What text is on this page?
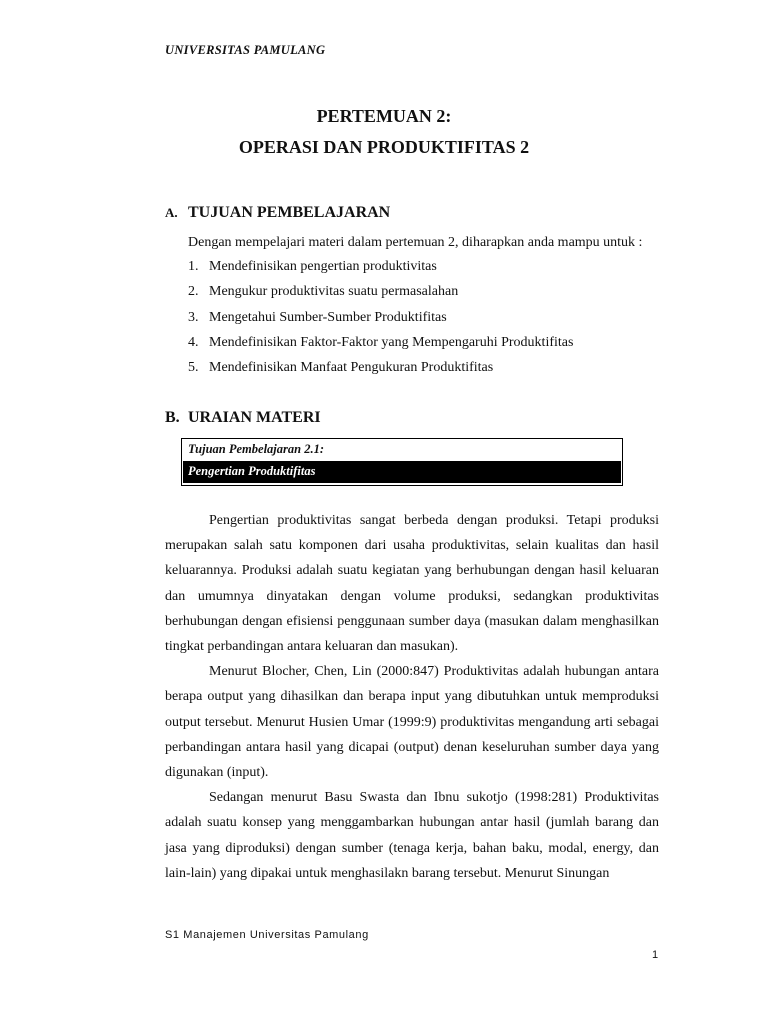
UNIVERSITAS PAMULANG
PERTEMUAN 2:
OPERASI DAN PRODUKTIFITAS 2
A. TUJUAN PEMBELAJARAN
Dengan mempelajari materi dalam pertemuan 2, diharapkan anda mampu untuk :
1. Mendefinisikan pengertian produktivitas
2. Mengukur produktivitas suatu permasalahan
3. Mengetahui Sumber-Sumber Produktifitas
4. Mendefinisikan Faktor-Faktor yang Mempengaruhi Produktifitas
5. Mendefinisikan Manfaat Pengukuran Produktifitas
B. URAIAN MATERI
Tujuan Pembelajaran 2.1:
Pengertian Produktifitas

Pengertian produktivitas sangat berbeda dengan produksi. Tetapi produksi merupakan salah satu komponen dari usaha produktivitas, selain kualitas dan hasil keluarannya. Produksi adalah suatu kegiatan yang berhubungan dengan hasil keluaran dan umumnya dinyatakan dengan volume produksi, sedangkan produktivitas berhubungan dengan efisiensi penggunaan sumber daya (masukan dalam menghasilkan tingkat perbandingan antara keluaran dan masukan).

Menurut Blocher, Chen, Lin (2000:847) Produktivitas adalah hubungan antara berapa output yang dihasilkan dan berapa input yang dibutuhkan untuk memproduksi output tersebut. Menurut Husien Umar (1999:9) produktivitas mengandung arti sebagai perbandingan antara hasil yang dicapai (output) denan keseluruhan sumber daya yang digunakan (input).

Sedangan menurut Basu Swasta dan Ibnu sukotjo (1998:281) Produktivitas adalah suatu konsep yang menggambarkan hubungan antar hasil (jumlah barang dan jasa yang diproduksi) dengan sumber (tenaga kerja, bahan baku, modal, energy, dan lain-lain) yang dipakai untuk menghasilakn barang tersebut. Menurut Sinungan

S1 Manajemen Universitas Pamulang
1
